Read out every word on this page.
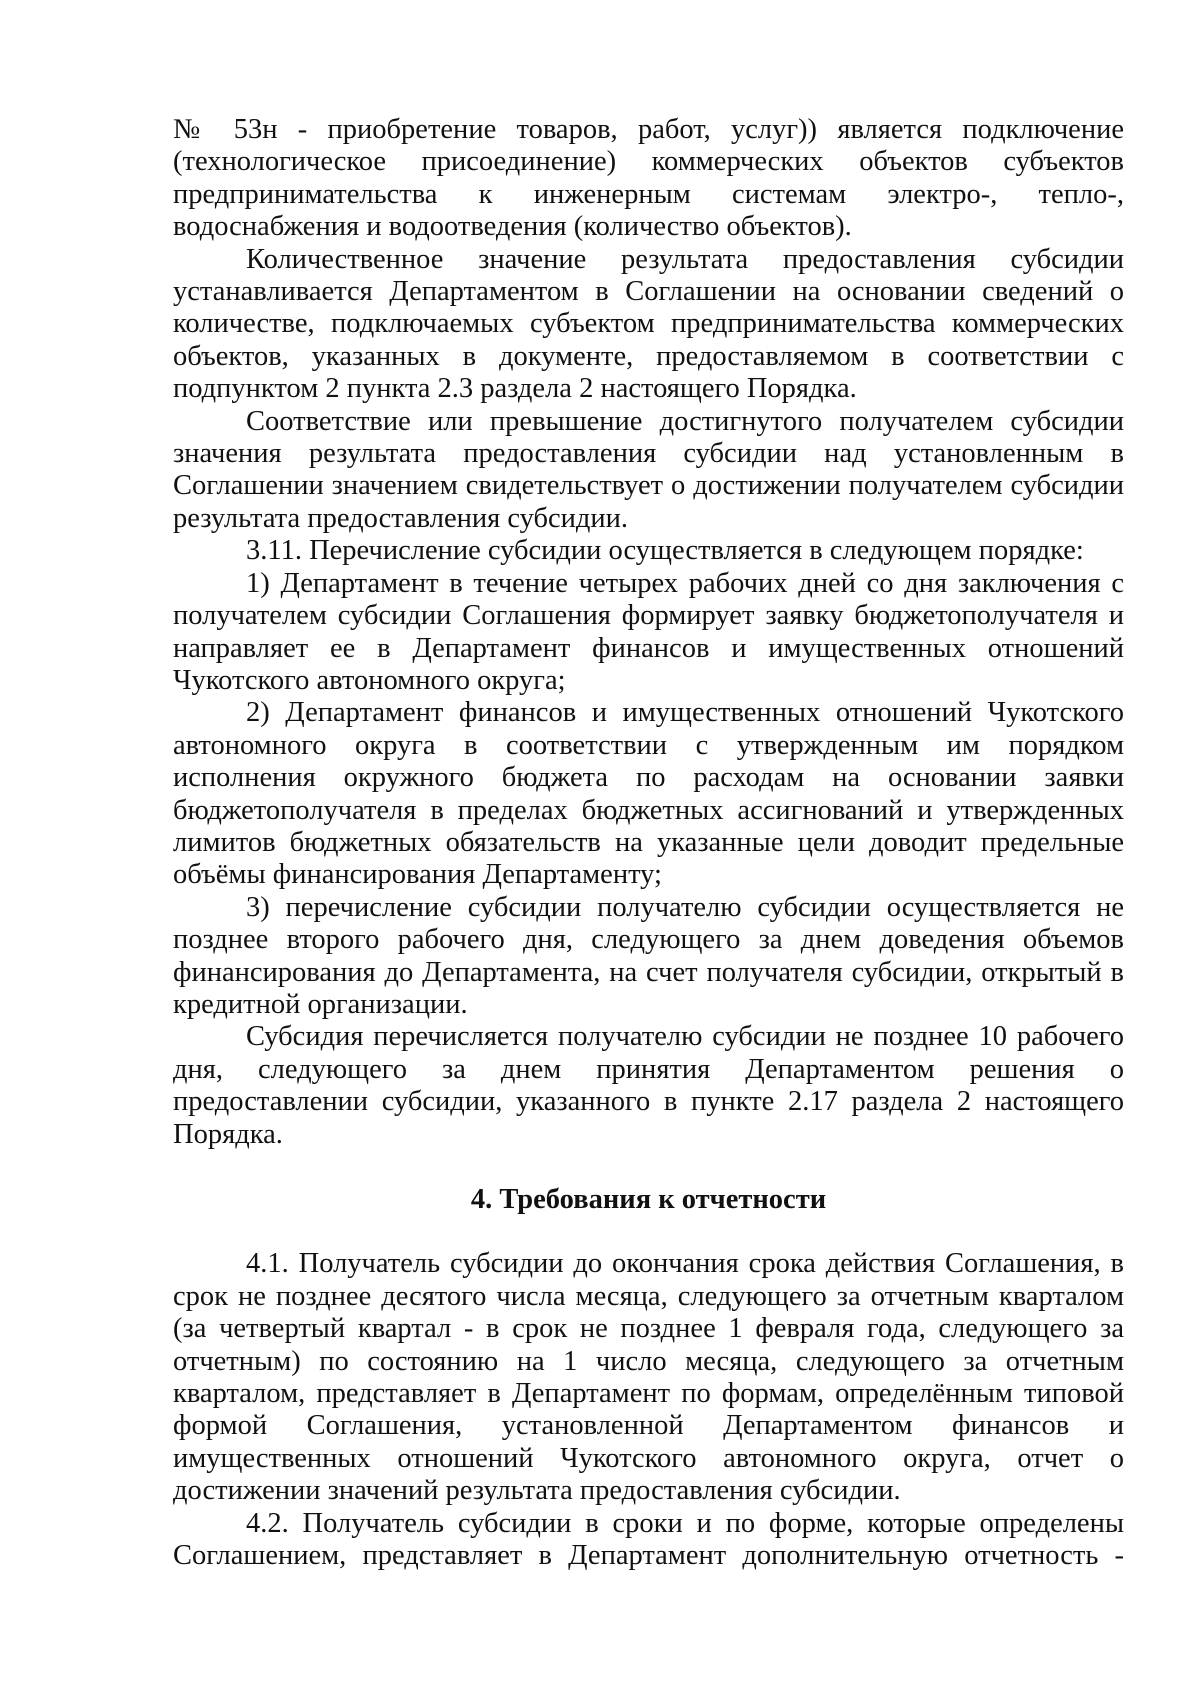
№ 53н - приобретение товаров, работ, услуг)) является подключение (технологическое присоединение) коммерческих объектов субъектов предпринимательства к инженерным системам электро-, тепло-, водоснабжения и водоотведения (количество объектов).

Количественное значение результата предоставления субсидии устанавливается Департаментом в Соглашении на основании сведений о количестве, подключаемых субъектом предпринимательства коммерческих объектов, указанных в документе, предоставляемом в соответствии с подпунктом 2 пункта 2.3 раздела 2 настоящего Порядка.

Соответствие или превышение достигнутого получателем субсидии значения результата предоставления субсидии над установленным в Соглашении значением свидетельствует о достижении получателем субсидии результата предоставления субсидии.

3.11. Перечисление субсидии осуществляется в следующем порядке:

1) Департамент в течение четырех рабочих дней со дня заключения с получателем субсидии Соглашения формирует заявку бюджетополучателя и направляет ее в Департамент финансов и имущественных отношений Чукотского автономного округа;

2) Департамент финансов и имущественных отношений Чукотского автономного округа в соответствии с утвержденным им порядком исполнения окружного бюджета по расходам на основании заявки бюджетополучателя в пределах бюджетных ассигнований и утвержденных лимитов бюджетных обязательств на указанные цели доводит предельные объёмы финансирования Департаменту;

3) перечисление субсидии получателю субсидии осуществляется не позднее второго рабочего дня, следующего за днем доведения объемов финансирования до Департамента, на счет получателя субсидии, открытый в кредитной организации.

Субсидия перечисляется получателю субсидии не позднее 10 рабочего дня, следующего за днем принятия Департаментом решения о предоставлении субсидии, указанного в пункте 2.17 раздела 2 настоящего Порядка.

4. Требования к отчетности

4.1. Получатель субсидии до окончания срока действия Соглашения, в срок не позднее десятого числа месяца, следующего за отчетным кварталом (за четвертый квартал - в срок не позднее 1 февраля года, следующего за отчетным) по состоянию на 1 число месяца, следующего за отчетным кварталом, представляет в Департамент по формам, определённым типовой формой Соглашения, установленной Департаментом финансов и имущественных отношений Чукотского автономного округа, отчет о достижении значений результата предоставления субсидии.

4.2. Получатель субсидии в сроки и по форме, которые определены Соглашением, представляет в Департамент дополнительную отчетность -
